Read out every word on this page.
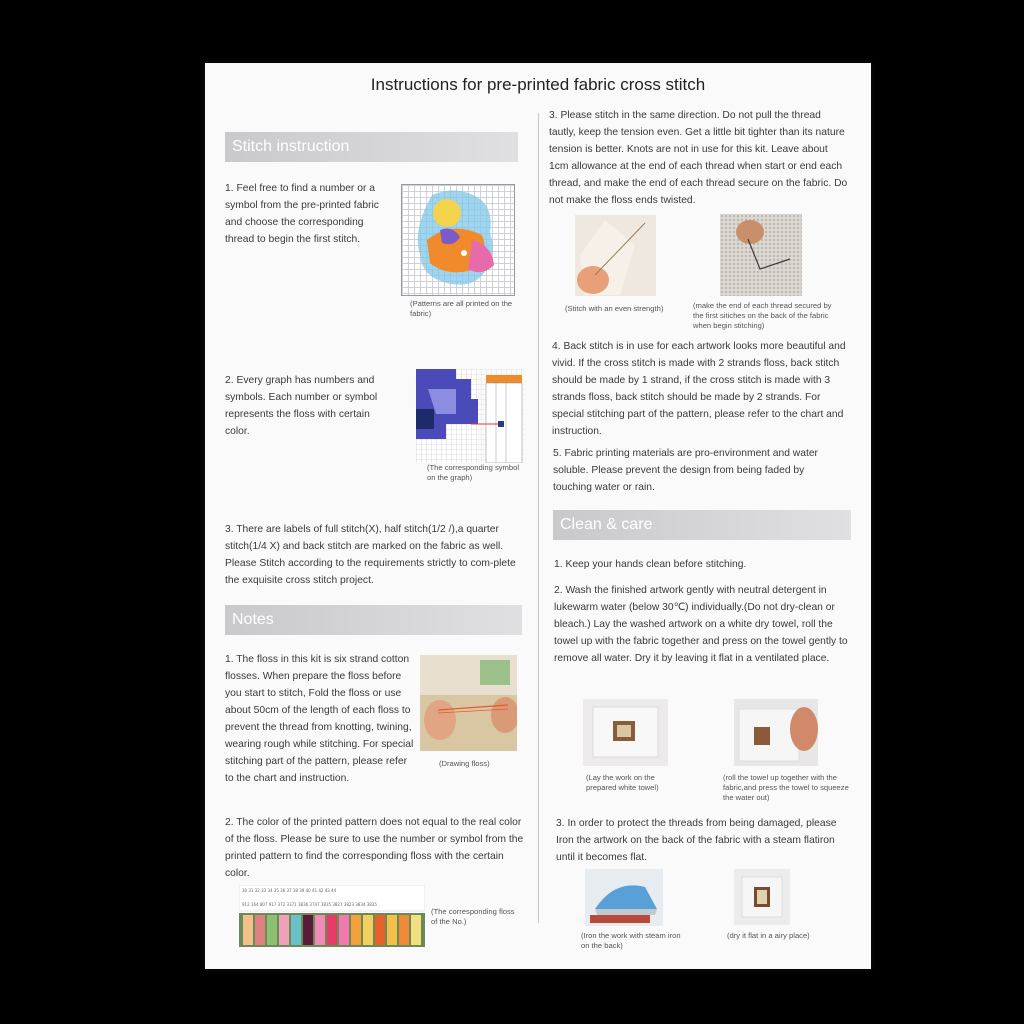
Instructions for pre-printed fabric cross stitch
Stitch instruction
1. Feel free to find a number or a symbol from the pre-printed fabric and choose the corresponding thread to begin the first stitch.
(Patterns are all printed on the fabric)
2. Every graph has numbers and symbols. Each number or symbol represents the floss with certain color.
(The corresponding symbol on the graph)
3. There are labels of full stitch(X), half stitch(1/2 /),a quarter stitch(1/4 X) and back stitch are marked on the fabric as well. Please Stitch according to the requirements strictly to com-plete the exquisite cross stitch project.
Notes
1. The floss in this kit is six strand cotton flosses. When prepare the floss before you start to stitch, Fold the floss or use about 50cm of the length of each floss to prevent the thread from knotting, twining, wearing rough while stitching. For special stitching part of the pattern, please refer to the chart and instruction.
(Drawing floss)
2. The color of the printed pattern does not equal to the real color of the floss. Please be sure to use the number or symbol from the printed pattern to find the corresponding floss with the certain color.
30 31 32 33 34 35 36 37 38 39 40 41 42 43 44
912 164 807 917 372 3371 3836 3747 3835 3821 3823 3834 3835
(The corresponding floss of the No.)
3. Please stitch in the same direction. Do not pull the thread tautly, keep the tension even. Get a little bit tighter than its nature tension is better. Knots are not in use for this kit. Leave about 1cm allowance at the end of each thread when start or end each thread, and make the end of each thread secure on the fabric. Do not make the floss ends twisted.
(Stitch with an even strength)	(make the end of each thread secured by the first sitiches on the back of the fabric when begin stitching)
4. Back stitch is in use for each artwork looks more beautiful and vivid. If the cross stitch is made with 2 strands floss, back stitch should be made by 1 strand, if the cross stitch is made with 3 strands floss, back stitch should be made by 2 strands. For special stitching part of the pattern, please refer to the chart and instruction.
5. Fabric printing materials are pro-environment and water soluble. Please prevent the design from being faded by touching water or rain.
Clean & care
1. Keep your hands clean before stitching.
2. Wash the finished artwork gently with neutral detergent in lukewarm water (below 30℃) individually.(Do not dry-clean or bleach.) Lay the washed artwork on a white dry towel, roll the towel up with the fabric together and press on the towel gently to remove all water. Dry it by leaving it flat in a ventilated place.
(Lay the work on the prepared white towel)
(roll the towel up together with the fabric,and press the towel to squeeze the water out)
3. In order to protect the threads from being damaged, please Iron the artwork on the back of the fabric with a steam flatiron until it becomes flat.
(Iron the work with steam iron on the back)
(dry it flat in a airy place)
